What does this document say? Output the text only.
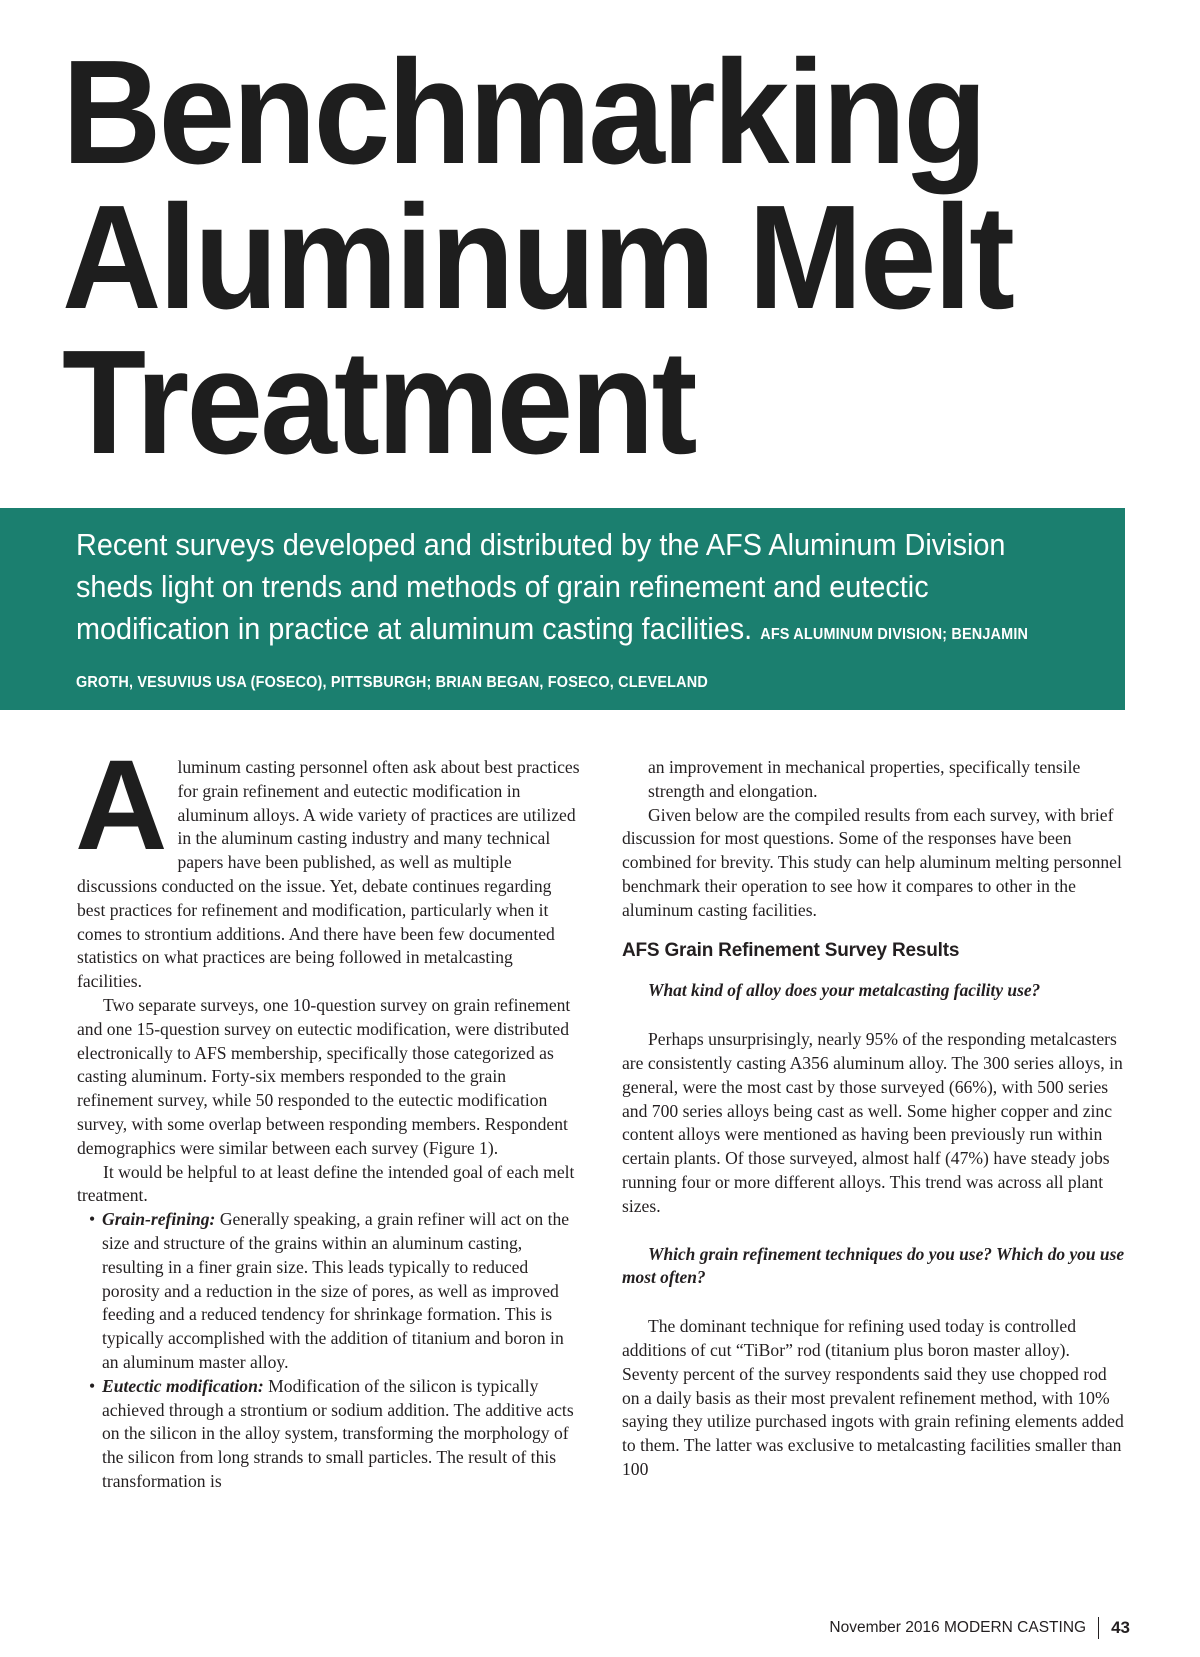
Benchmarking
Aluminum Melt
Treatment
Recent surveys developed and distributed by the AFS Aluminum Division sheds light on trends and methods of grain refinement and eutectic modification in practice at aluminum casting facilities. AFS ALUMINUM DIVISION; BENJAMIN GROTH, VESUVIUS USA (FOSECO), PITTSBURGH; BRIAN BEGAN, FOSECO, CLEVELAND

A luminum casting personnel often ask about best practices for grain refinement and eutectic modification in aluminum alloys. A wide variety of practices are utilized in the aluminum casting industry and many technical papers have been published, as well as multiple discussions conducted on the issue. Yet, debate continues regarding best practices for refinement and modification, particularly when it comes to strontium additions. And there have been few documented statistics on what practices are being followed in metalcasting facilities.

Two separate surveys, one 10-question survey on grain refinement and one 15-question survey on eutectic modification, were distributed electronically to AFS membership, specifically those categorized as casting aluminum. Forty-six members responded to the grain refinement survey, while 50 responded to the eutectic modification survey, with some overlap between responding members. Respondent demographics were similar between each survey (Figure 1).

It would be helpful to at least define the intended goal of each melt treatment.

• Grain-refining: Generally speaking, a grain refiner will act on the size and structure of the grains within an aluminum casting, resulting in a finer grain size. This leads typically to reduced porosity and a reduction in the size of pores, as well as improved feeding and a reduced tendency for shrinkage formation. This is typically accomplished with the addition of titanium and boron in an aluminum master alloy.
• Eutectic modification: Modification of the silicon is typically achieved through a strontium or sodium addition. The additive acts on the silicon in the alloy system, transforming the morphology of the silicon from long strands to small particles. The result of this transformation is

an improvement in mechanical properties, specifically tensile strength and elongation.

Given below are the compiled results from each survey, with brief discussion for most questions. Some of the responses have been combined for brevity. This study can help aluminum melting personnel benchmark their operation to see how it compares to other in the aluminum casting facilities.

AFS Grain Refinement Survey Results

What kind of alloy does your metalcasting facility use?

Perhaps unsurprisingly, nearly 95% of the responding metalcasters are consistently casting A356 aluminum alloy. The 300 series alloys, in general, were the most cast by those surveyed (66%), with 500 series and 700 series alloys being cast as well. Some higher copper and zinc content alloys were mentioned as having been previously run within certain plants. Of those surveyed, almost half (47%) have steady jobs running four or more different alloys. This trend was across all plant sizes.

Which grain refinement techniques do you use? Which do you use most often?

The dominant technique for refining used today is controlled additions of cut “TiBor” rod (titanium plus boron master alloy). Seventy percent of the survey respondents said they use chopped rod on a daily basis as their most prevalent refinement method, with 10% saying they utilize purchased ingots with grain refining elements added to them. The latter was exclusive to metalcasting facilities smaller than 100

November 2016 MODERN CASTING 43
